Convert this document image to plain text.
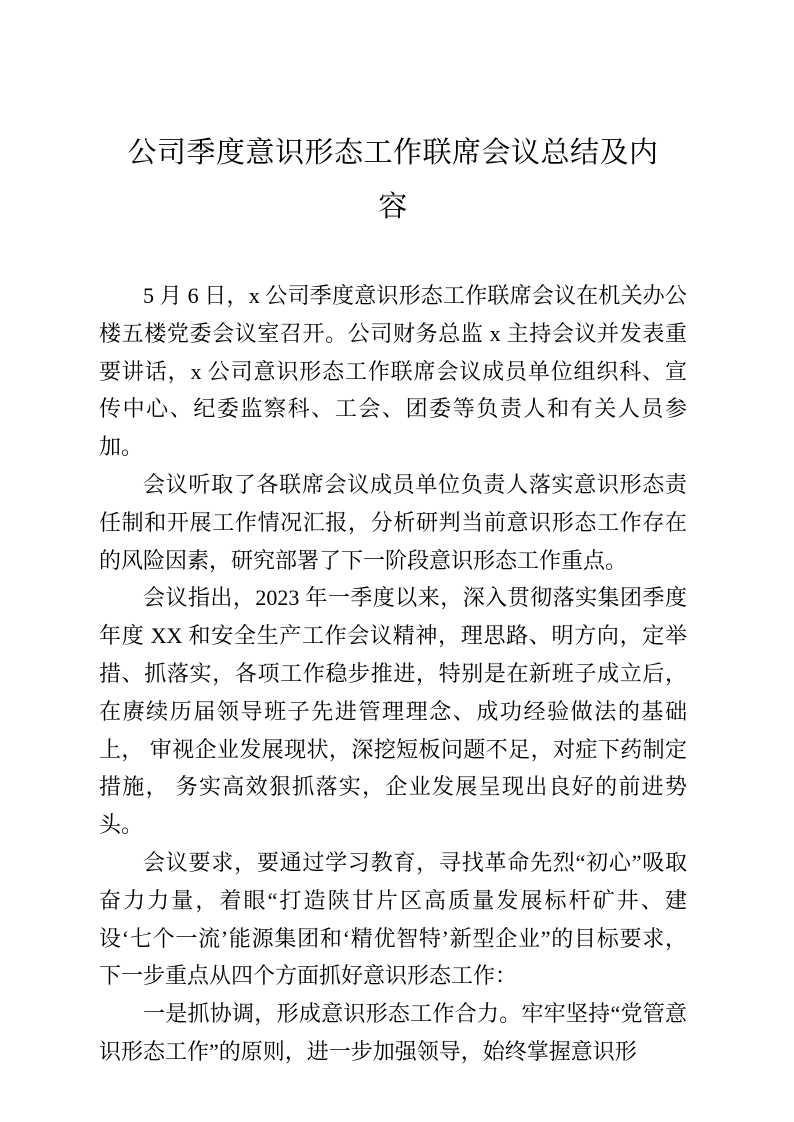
公司季度意识形态工作联席会议总结及内容

5 月 6 日，x 公司季度意识形态工作联席会议在机关办公楼五楼党委会议室召开。公司财务总监 x 主持会议并发表重要讲话，x 公司意识形态工作联席会议成员单位组织科、宣传中心、纪委监察科、工会、团委等负责人和有关人员参加。

会议听取了各联席会议成员单位负责人落实意识形态责任制和开展工作情况汇报，分析研判当前意识形态工作存在的风险因素，研究部署了下一阶段意识形态工作重点。

会议指出，2023 年一季度以来，深入贯彻落实集团季度年度 XX 和安全生产工作会议精神，理思路、明方向，定举措、抓落实，各项工作稳步推进，特别是在新班子成立后， 在赓续历届领导班子先进管理理念、成功经验做法的基础上， 审视企业发展现状，深挖短板问题不足，对症下药制定措施， 务实高效狠抓落实，企业发展呈现出良好的前进势头。

会议要求，要通过学习教育，寻找革命先烈“初心”吸取奋力力量，着眼“打造陕甘片区高质量发展标杆矿井、建设‘七个一流’能源集团和‘精优智特’新型企业”的目标要求，下一步重点从四个方面抓好意识形态工作：

一是抓协调，形成意识形态工作合力。牢牢坚持“党管意识形态工作”的原则，进一步加强领导，始终掌握意识形
